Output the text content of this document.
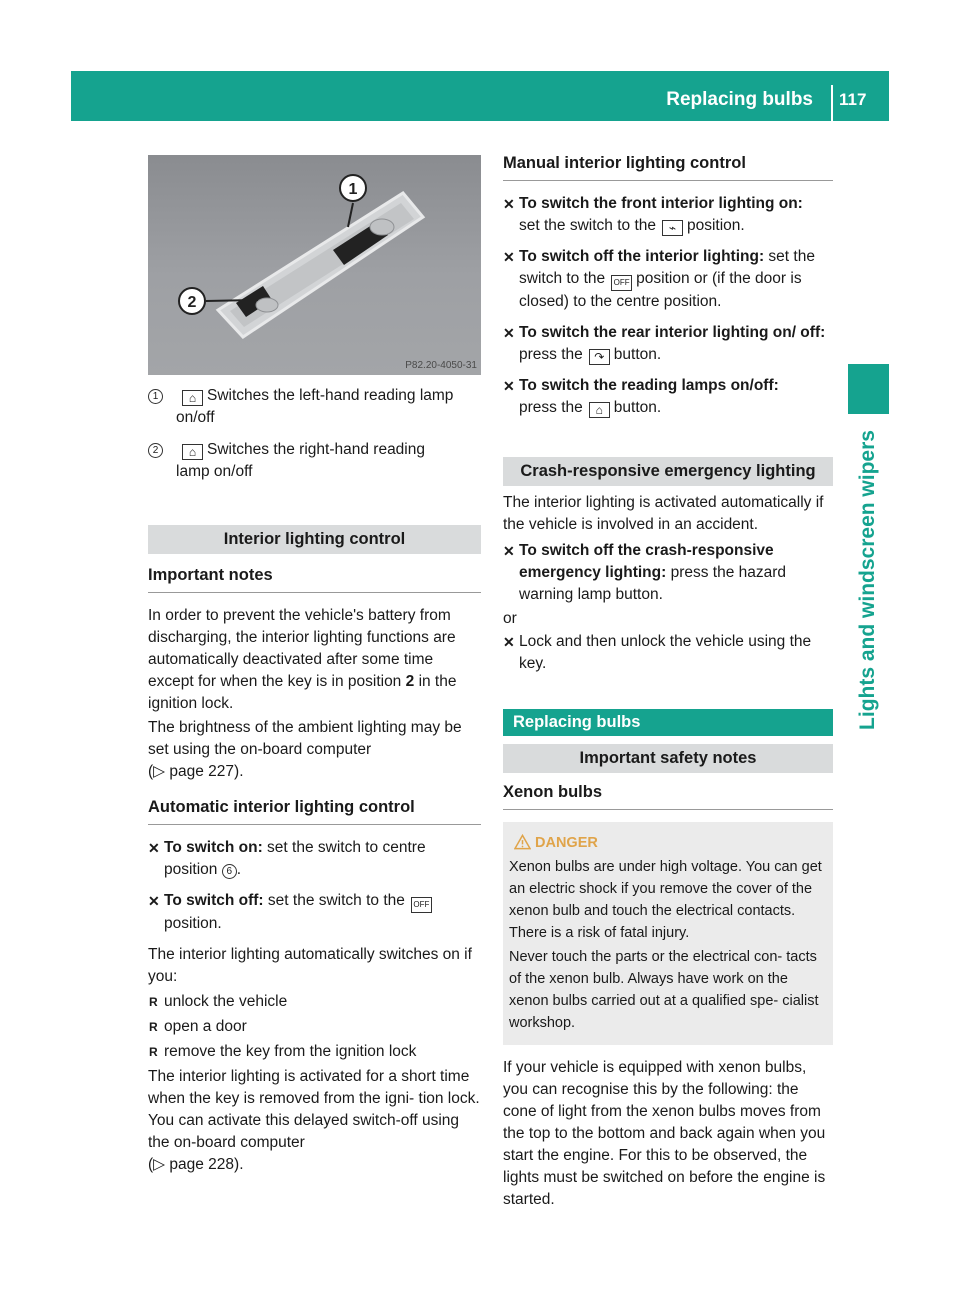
Replacing bulbs	117
Lights and windscreen wipers
1
2
P82.20-4050-31
1	⌂ Switches the left-hand reading lamp
on/off
2	⌂ Switches the right-hand reading
lamp on/off
Interior lighting control
Important notes

In order to prevent the vehicle's battery from discharging, the interior lighting functions are automatically deactivated after some time except for when the key is in position 2 in the ignition lock.

The brightness of the ambient lighting may be set using the on-board computer
(▷ page 227).

Automatic interior lighting control
✕ To switch on: set the switch to centre position 6 .
✕ To switch off: set the switch to the OFF
position.

The interior lighting automatically switches on if you:

R unlock the vehicle
R open a door
R remove the key from the ignition lock

The interior lighting is activated for a short time when the key is removed from the igni- tion lock. You can activate this delayed switch-off using the on-board computer
(▷ page 228).

Manual interior lighting control
✕ To switch the front interior lighting on:
set the switch to the ⌁ position.
✕ To switch off the interior lighting: set the switch to the OFF position or (if the door is closed) to the centre position.
✕ To switch the rear interior lighting on/ off: press the ↷ button.
✕ To switch the reading lamps on/off:
press the ⌂ button.
Crash-responsive emergency lighting

The interior lighting is activated automatically if the vehicle is involved in an accident.

✕ To switch off the crash-responsive emergency lighting: press the hazard warning lamp button.

or

✕ Lock and then unlock the vehicle using the key.
Replacing bulbs
Important safety notes
Xenon bulbs
DANGER

Xenon bulbs are under high voltage. You can get an electric shock if you remove the cover of the xenon bulb and touch the electrical contacts. There is a risk of fatal injury.

Never touch the parts or the electrical con- tacts of the xenon bulb. Always have work on the xenon bulbs carried out at a qualified spe- cialist workshop.

If your vehicle is equipped with xenon bulbs, you can recognise this by the following: the cone of light from the xenon bulbs moves from the top to the bottom and back again when you start the engine. For this to be observed, the lights must be switched on before the engine is started.
